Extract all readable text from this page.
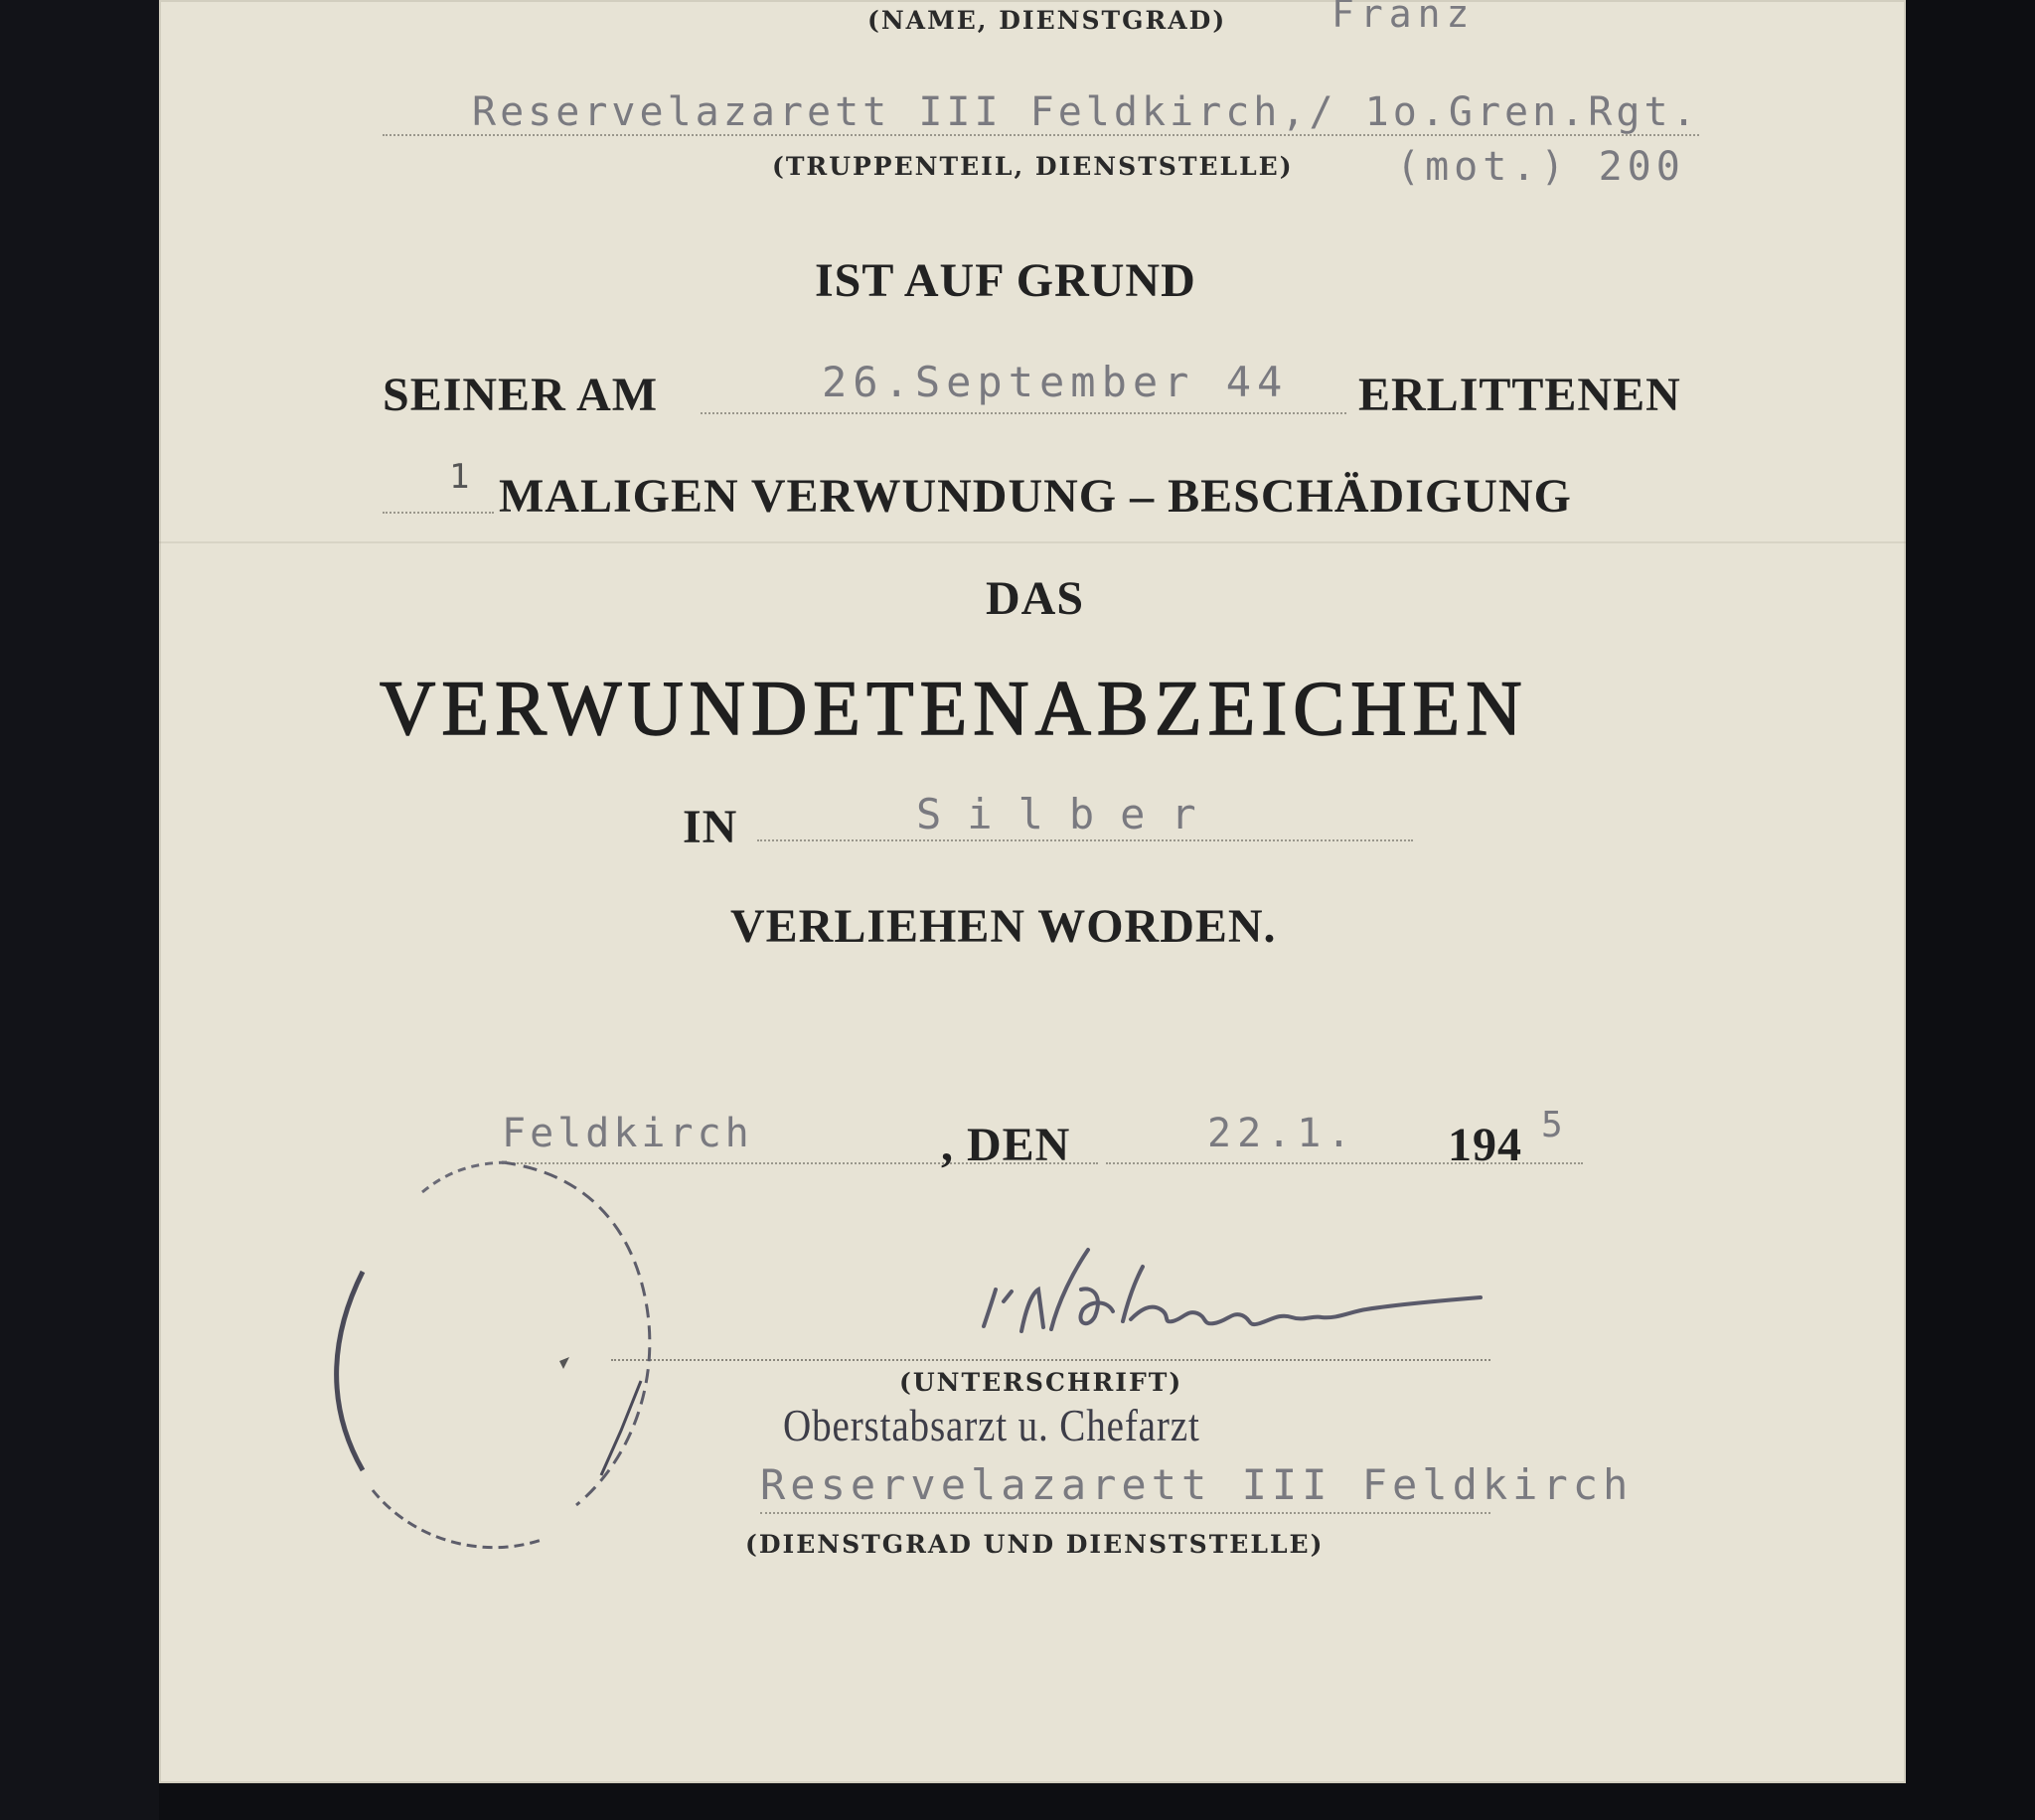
(NAME, DIENSTGRAD)	Franz
Reservelazarett III Feldkirch,/ 1o.Gren.Rgt.
(TRUPPENTEIL, DIENSTSTELLE)	(mot.) 200
IST AUF GRUND
SEINER AM	26.September 44 ERLITTENEN
1 MALIGEN VERWUNDUNG – BESCHÄDIGUNG
DAS
VERWUNDETENABZEICHEN
IN	Silber
VERLIEHEN WORDEN.
Feldkirch	, DEN	22.1. 194 5
(UNTERSCHRIFT)
Oberstabsarzt u. Chefarzt
Reservelazarett III Feldkirch
(DIENSTGRAD UND DIENSTSTELLE)
